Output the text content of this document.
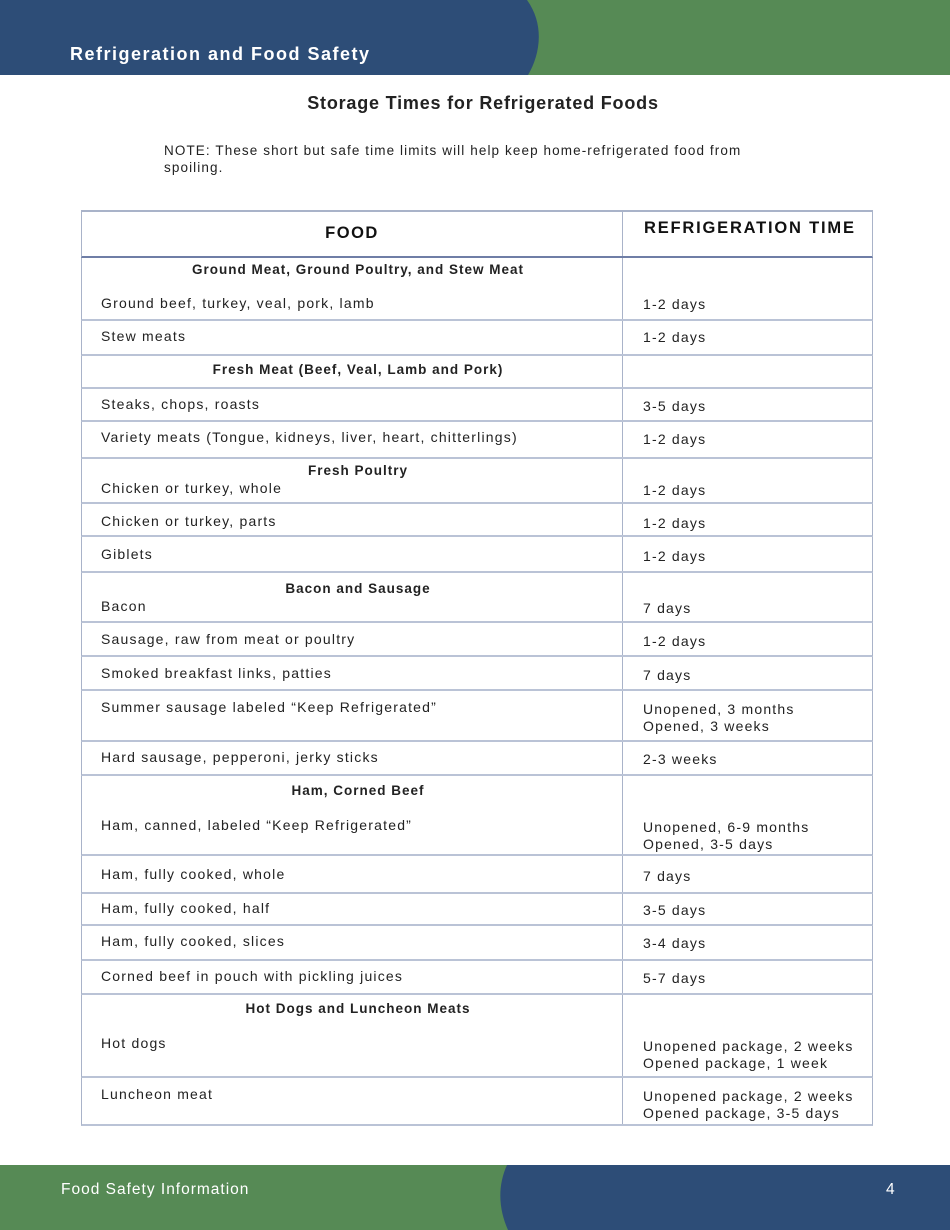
Refrigeration and Food Safety
Storage Times for Refrigerated Foods
NOTE: These short but safe time limits will help keep home-refrigerated food from spoiling.
FOOD	REFRIGERATION TIME
Ground Meat, Ground Poultry, and Stew Meat
Ground beef, turkey, veal, pork, lamb	1-2 days
Stew meats	1-2 days
Fresh Meat (Beef, Veal, Lamb and Pork)
Steaks, chops, roasts	3-5 days
Variety meats (Tongue, kidneys, liver, heart, chitterlings)	1-2 days
Fresh Poultry
Chicken or turkey, whole	1-2 days
Chicken or turkey, parts	1-2 days
Giblets	1-2 days
Bacon and Sausage
Bacon	7 days
Sausage, raw from meat or poultry	1-2 days
Smoked breakfast links, patties	7 days
Summer sausage labeled “Keep Refrigerated”	Unopened, 3 months
Opened, 3 weeks
Hard sausage, pepperoni, jerky sticks	2-3 weeks
Ham, Corned Beef
Ham, canned, labeled “Keep Refrigerated”	Unopened, 6-9 months
Opened, 3-5 days
Ham, fully cooked, whole	7 days
Ham, fully cooked, half	3-5 days
Ham, fully cooked, slices	3-4 days
Corned beef in pouch with pickling juices	5-7 days
Hot Dogs and Luncheon Meats
Hot dogs	Unopened package, 2 weeks
Opened package, 1 week
Luncheon meat	Unopened package, 2 weeks
Opened package, 3-5 days
Food Safety Information	4
